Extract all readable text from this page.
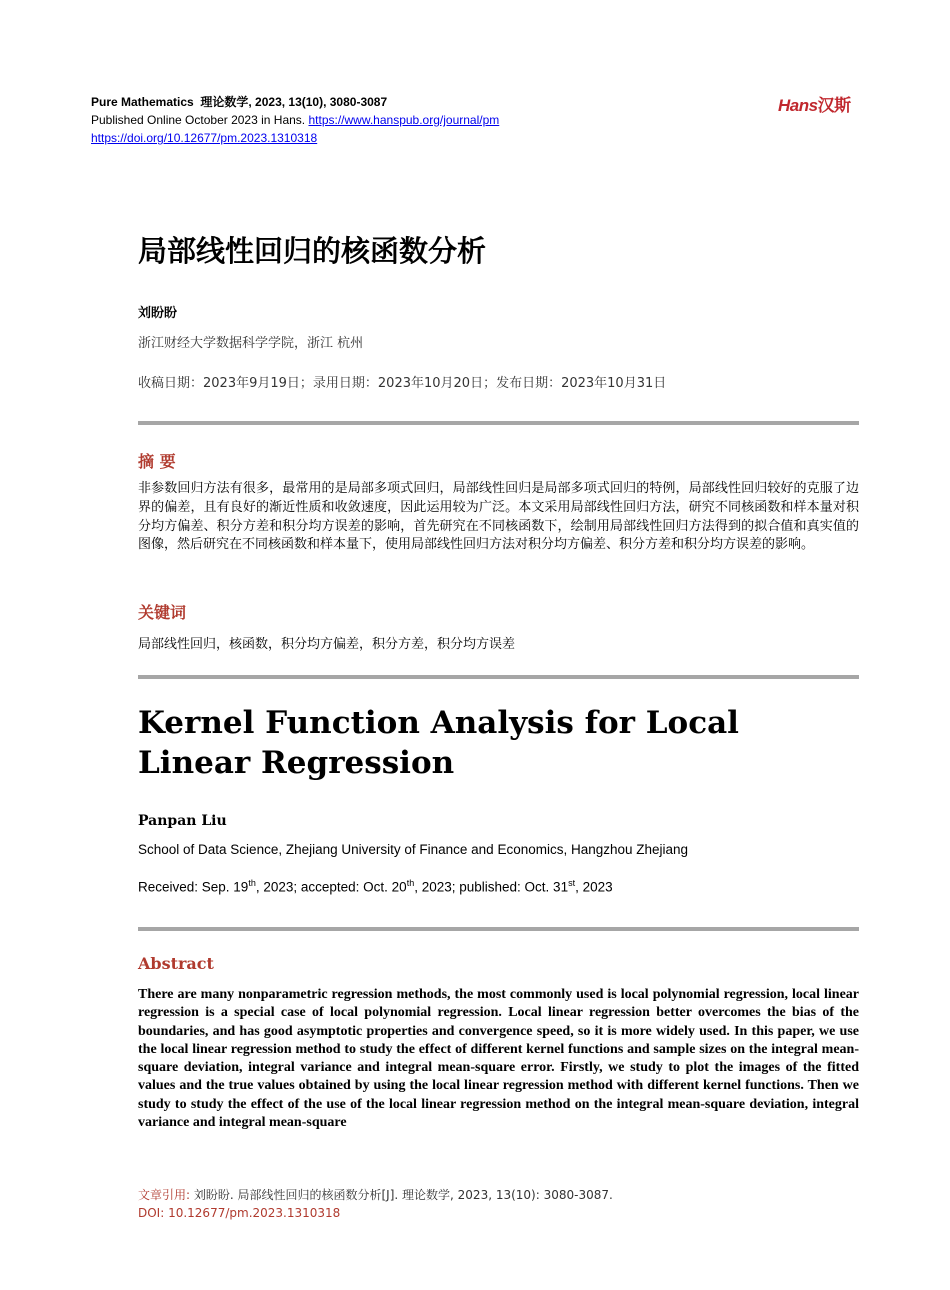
Pure Mathematics 理论数学, 2023, 13(10), 3080-3087
Published Online October 2023 in Hans. https://www.hanspub.org/journal/pm
https://doi.org/10.12677/pm.2023.1310318
Hans汉斯
局部线性回归的核函数分析
刘盼盼
浙江财经大学数据科学学院，浙江 杭州
收稿日期：2023年9月19日；录用日期：2023年10月20日；发布日期：2023年10月31日
摘 要
非参数回归方法有很多，最常用的是局部多项式回归，局部线性回归是局部多项式回归的特例，局部线性回归较好的克服了边界的偏差，且有良好的渐近性质和收敛速度，因此运用较为广泛。本文采用局部线性回归方法，研究不同核函数和样本量对积分均方偏差、积分方差和积分均方误差的影响，首先研究在不同核函数下，绘制用局部线性回归方法得到的拟合值和真实值的图像，然后研究在不同核函数和样本量下，使用局部线性回归方法对积分均方偏差、积分方差和积分均方误差的影响。
关键词
局部线性回归，核函数，积分均方偏差，积分方差，积分均方误差
Kernel Function Analysis for Local Linear Regression
Panpan Liu
School of Data Science, Zhejiang University of Finance and Economics, Hangzhou Zhejiang
Received: Sep. 19th, 2023; accepted: Oct. 20th, 2023; published: Oct. 31st, 2023
Abstract
There are many nonparametric regression methods, the most commonly used is local polynomial regression, local linear regression is a special case of local polynomial regression. Local linear regression better overcomes the bias of the boundaries, and has good asymptotic properties and convergence speed, so it is more widely used. In this paper, we use the local linear regression method to study the effect of different kernel functions and sample sizes on the integral mean-square deviation, integral variance and integral mean-square error. Firstly, we study to plot the images of the fitted values and the true values obtained by using the local linear regression method with different kernel functions. Then we study to study the effect of the use of the local linear regression method on the integral mean-square deviation, integral variance and integral mean-square
文章引用: 刘盼盼. 局部线性回归的核函数分析[J]. 理论数学, 2023, 13(10): 3080-3087.
DOI: 10.12677/pm.2023.1310318
